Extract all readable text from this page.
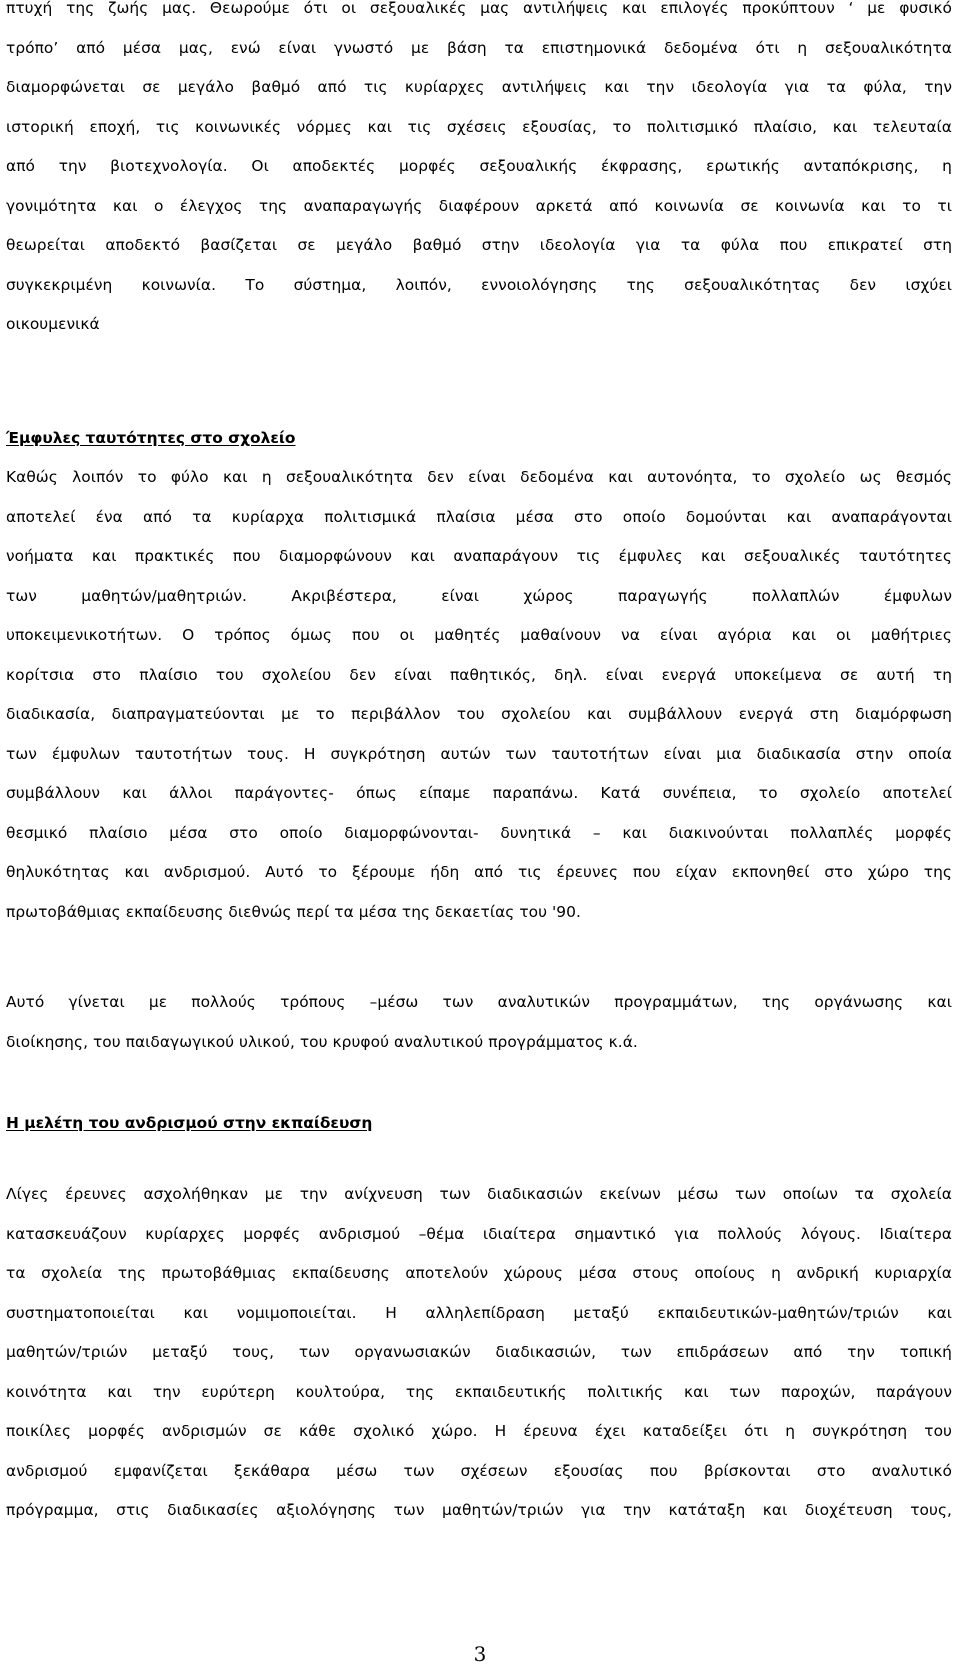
πτυχή της ζωής μας. Θεωρούμε ότι οι σεξουαλικές μας αντιλήψεις και επιλογές προκύπτουν ‘ με φυσικό
τρόπο’ από μέσα μας, ενώ είναι γνωστό με βάση τα επιστημονικά δεδομένα ότι η σεξουαλικότητα
διαμορφώνεται σε μεγάλο βαθμό από τις κυρίαρχες αντιλήψεις και την ιδεολογία για τα φύλα, την
ιστορική εποχή, τις κοινωνικές νόρμες και τις σχέσεις εξουσίας, το πολιτισμικό πλαίσιο, και τελευταία
από την βιοτεχνολογία. Οι αποδεκτές μορφές σεξουαλικής έκφρασης, ερωτικής ανταπόκρισης, η
γονιμότητα και ο έλεγχος της αναπαραγωγής διαφέρουν αρκετά από κοινωνία σε κοινωνία και το τι
θεωρείται αποδεκτό βασίζεται σε μεγάλο βαθμό στην ιδεολογία για τα φύλα που επικρατεί στη
συγκεκριμένη κοινωνία. Το σύστημα, λοιπόν, εννοιολόγησης της σεξουαλικότητας δεν ισχύει
οικουμενικά
Έμφυλες ταυτότητες στο σχολείο
Καθώς λοιπόν το φύλο και η σεξουαλικότητα δεν είναι δεδομένα και αυτονόητα, το σχολείο ως θεσμός
αποτελεί ένα από τα κυρίαρχα πολιτισμικά πλαίσια μέσα στο οποίο δομούνται και αναπαράγονται
νοήματα και πρακτικές που διαμορφώνουν και αναπαράγουν τις έμφυλες και σεξουαλικές ταυτότητες
των μαθητών/μαθητριών. Ακριβέστερα, είναι χώρος παραγωγής πολλαπλών έμφυλων
υποκειμενικοτήτων. Ο τρόπος όμως που οι μαθητές μαθαίνουν να είναι αγόρια και οι μαθήτριες
κορίτσια στο πλαίσιο του σχολείου δεν είναι παθητικός, δηλ. είναι ενεργά υποκείμενα σε αυτή τη
διαδικασία, διαπραγματεύονται με το περιβάλλον του σχολείου και συμβάλλουν ενεργά στη διαμόρφωση
των έμφυλων ταυτοτήτων τους. Η συγκρότηση αυτών των ταυτοτήτων είναι μια διαδικασία στην οποία
συμβάλλουν και άλλοι παράγοντες- όπως είπαμε παραπάνω. Κατά συνέπεια, το σχολείο αποτελεί
θεσμικό πλαίσιο μέσα στο οποίο διαμορφώνονται- δυνητικά – και διακινούνται πολλαπλές μορφές
θηλυκότητας και ανδρισμού. Αυτό το ξέρουμε ήδη από τις έρευνες που είχαν εκπονηθεί στο χώρο της
πρωτοβάθμιας εκπαίδευσης διεθνώς περί τα μέσα της δεκαετίας του '90.
Αυτό γίνεται με πολλούς τρόπους –μέσω των αναλυτικών προγραμμάτων, της οργάνωσης και
διοίκησης, του παιδαγωγικού υλικού, του κρυφού αναλυτικού προγράμματος κ.ά.
Η μελέτη του ανδρισμού στην εκπαίδευση
Λίγες έρευνες ασχολήθηκαν με την ανίχνευση των διαδικασιών εκείνων μέσω των οποίων τα σχολεία
κατασκευάζουν κυρίαρχες μορφές ανδρισμού –θέμα ιδιαίτερα σημαντικό για πολλούς λόγους. Ιδιαίτερα
τα σχολεία της πρωτοβάθμιας εκπαίδευσης αποτελούν χώρους μέσα στους οποίους η ανδρική κυριαρχία
συστηματοποιείται και νομιμοποιείται. Η αλληλεπίδραση μεταξύ εκπαιδευτικών-μαθητών/τριών και
μαθητών/τριών μεταξύ τους, των οργανωσιακών διαδικασιών, των επιδράσεων από την τοπική
κοινότητα και την ευρύτερη κουλτούρα, της εκπαιδευτικής πολιτικής και των παροχών, παράγουν
ποικίλες μορφές ανδρισμών σε κάθε σχολικό χώρο. Η έρευνα έχει καταδείξει ότι η συγκρότηση του
ανδρισμού εμφανίζεται ξεκάθαρα μέσω των σχέσεων εξουσίας που βρίσκονται στο αναλυτικό
πρόγραμμα, στις διαδικασίες αξιολόγησης των μαθητών/τριών για την κατάταξη και διοχέτευση τους,
3
